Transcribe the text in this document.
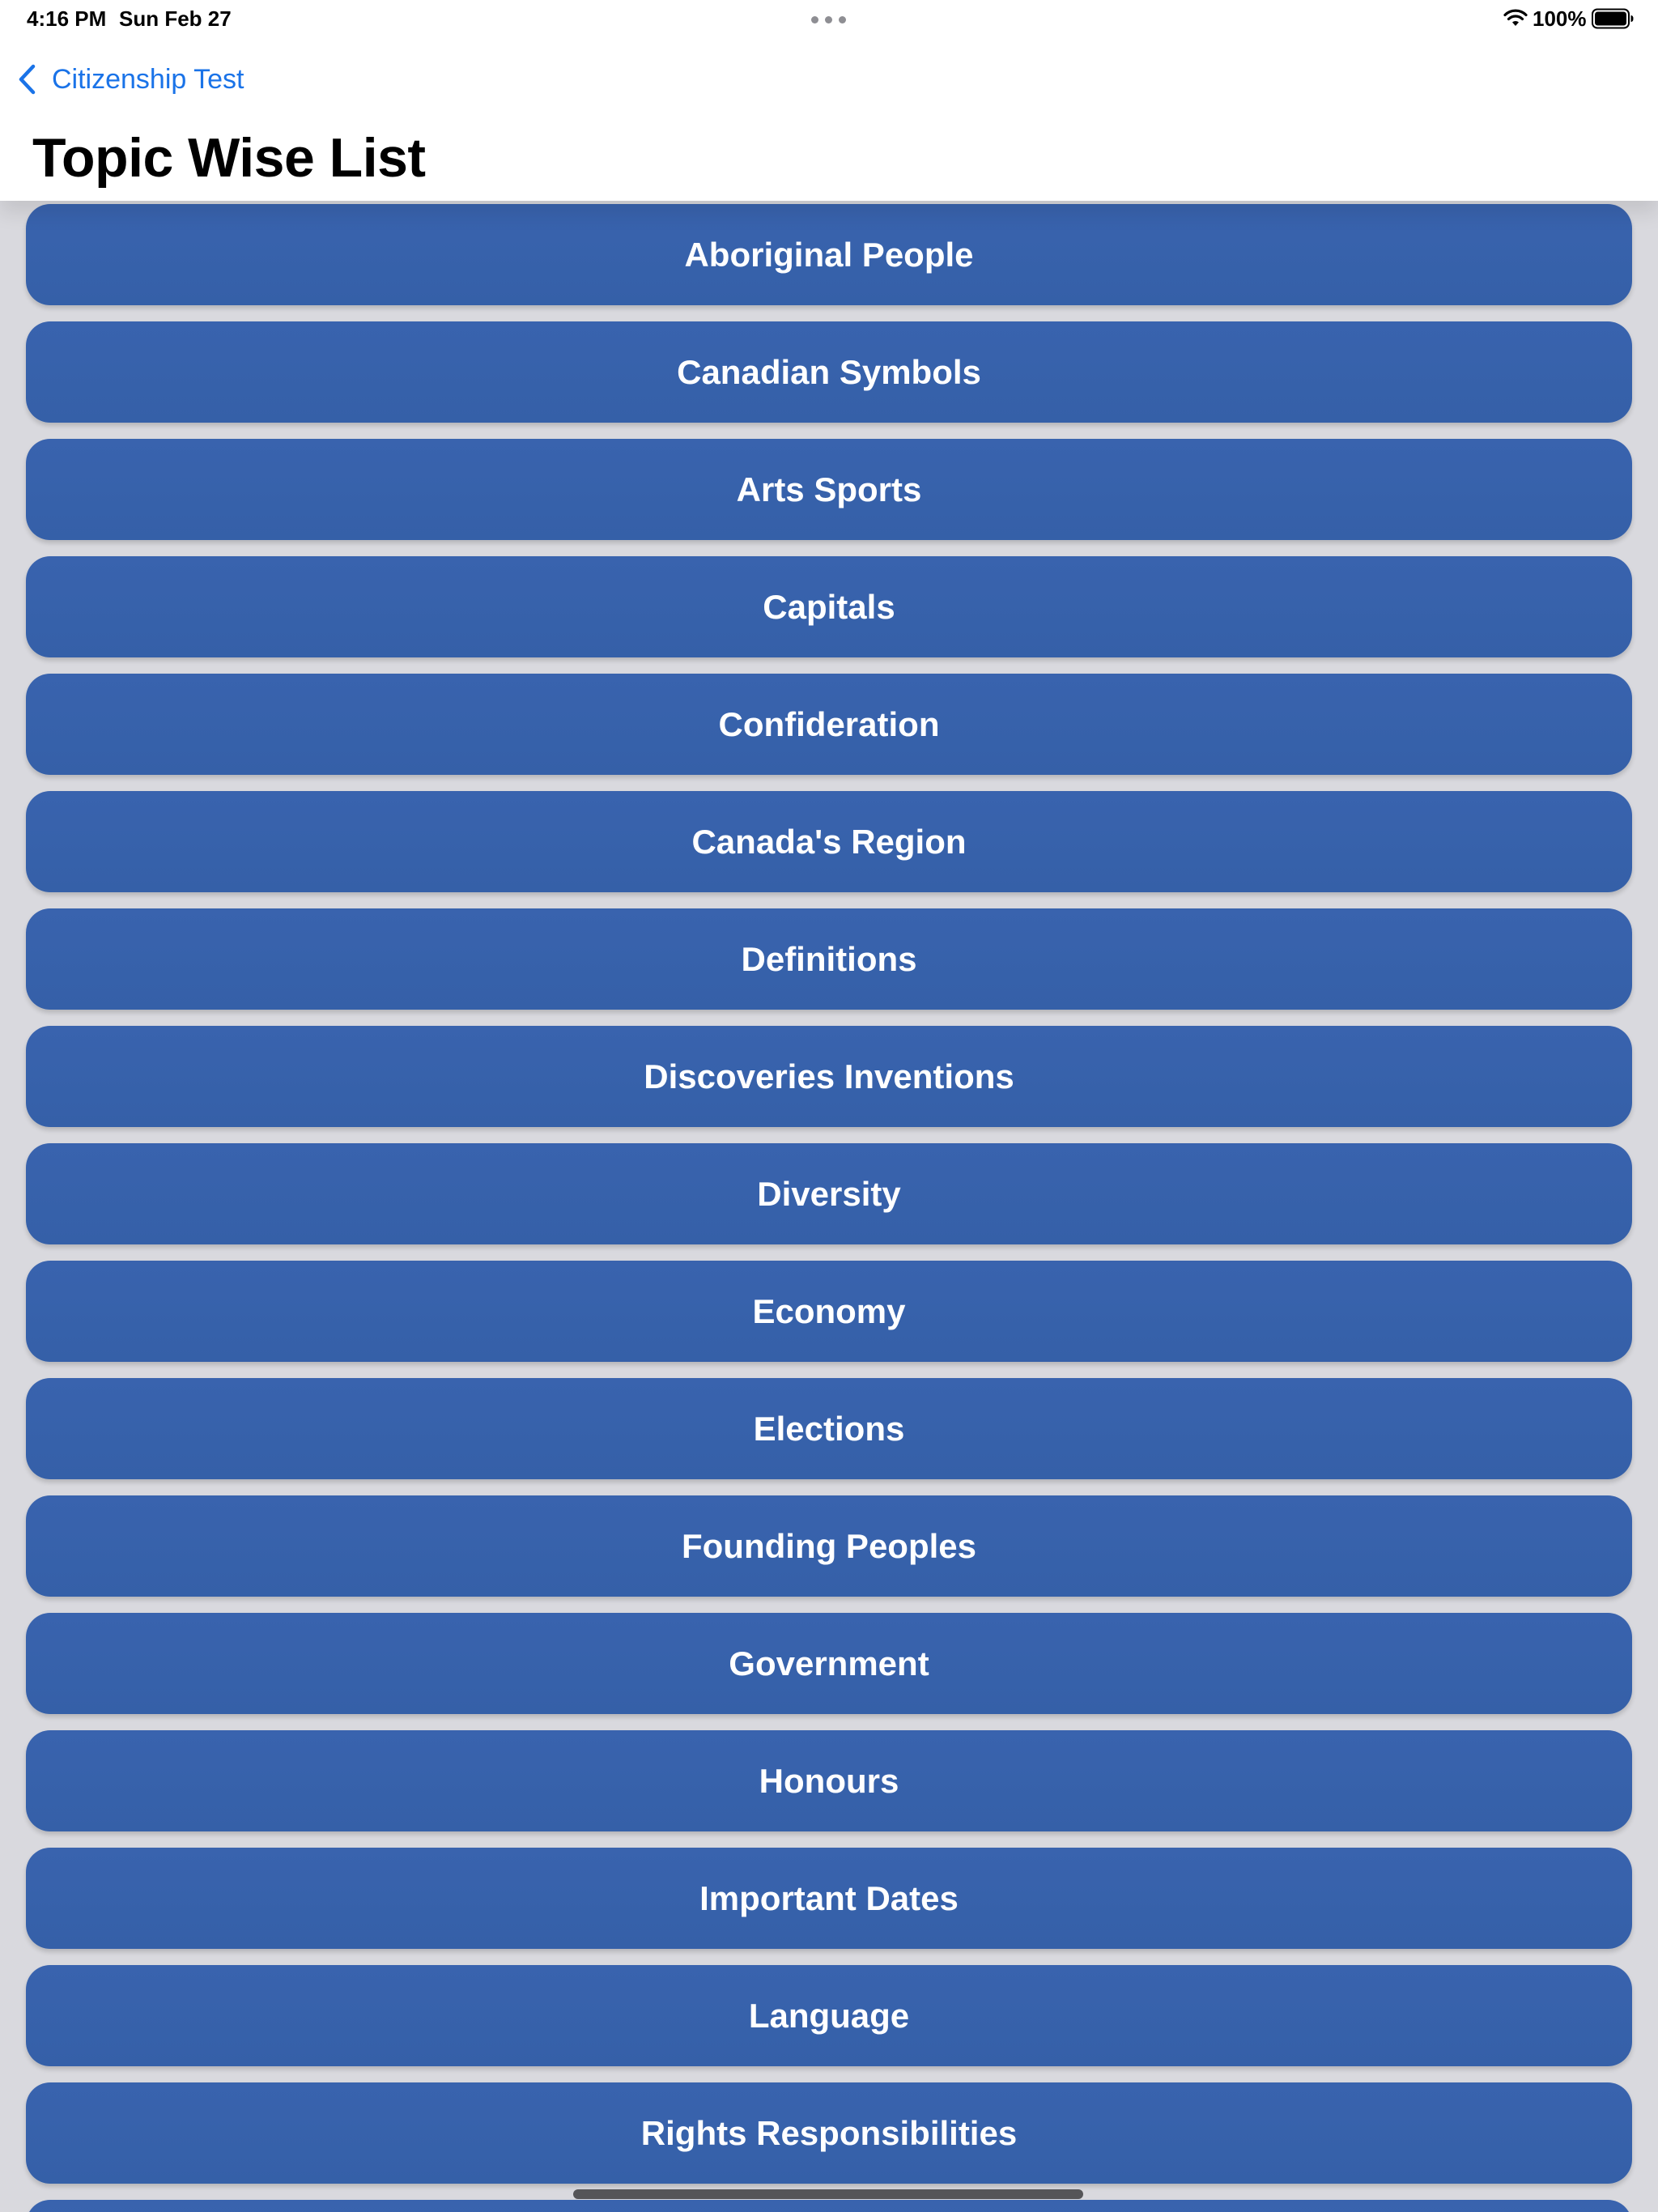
4:16 PM Sun Feb 27	100%
Citizenship Test
Topic Wise List
Aboriginal People
Canadian Symbols
Arts Sports
Capitals
Confideration
Canada's Region
Definitions
Discoveries Inventions
Diversity
Economy
Elections
Founding Peoples
Government
Honours
Important Dates
Language
Rights Responsibilities
